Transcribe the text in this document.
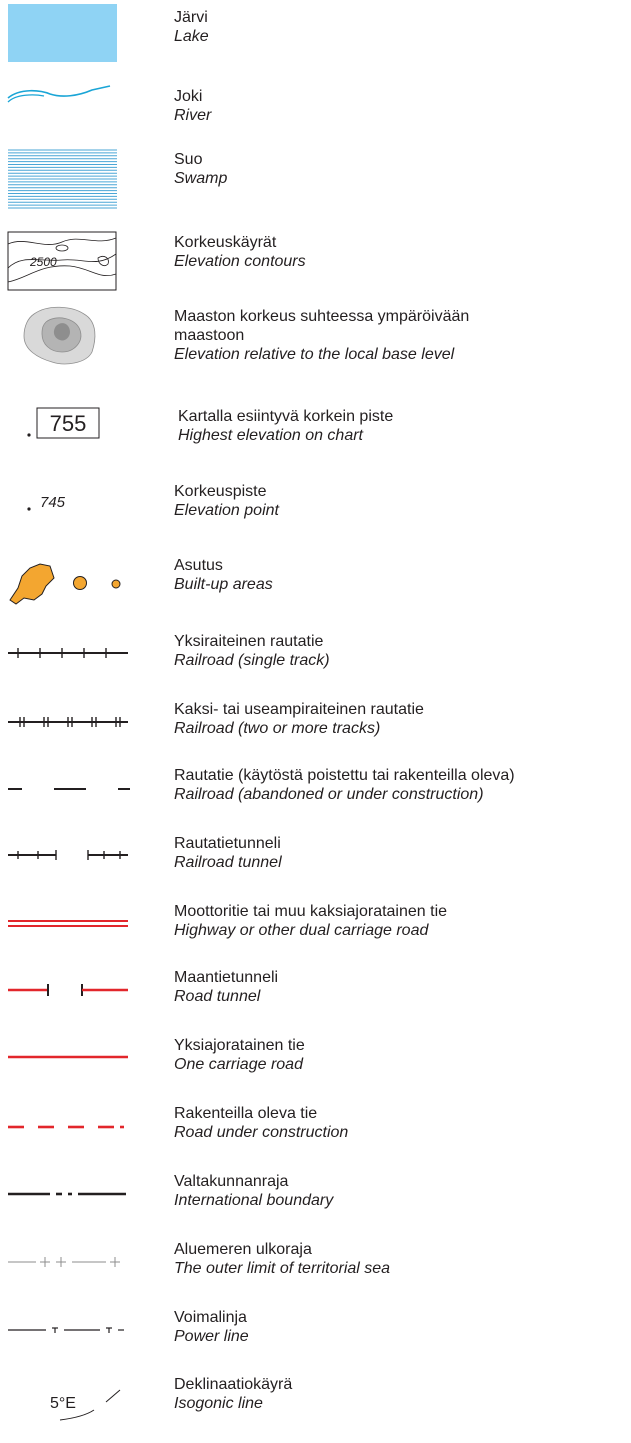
Järvi
Lake
Joki
River
Suo
Swamp
2500
Korkeuskäyrät
Elevation contours
Maaston korkeus suhteessa ympäröivään
maastoon
Elevation relative to the local base level
755	Kartalla esiintyvä korkein piste
Highest elevation on chart
745
Korkeuspiste
Elevation point
Asutus
Built-up areas
Yksiraiteinen rautatie
Railroad (single track)
Kaksi- tai useampiraiteinen rautatie
Railroad (two or more tracks)
Rautatie (käytöstä poistettu tai rakenteilla oleva)
Railroad (abandoned or under construction)
Rautatietunneli
Railroad tunnel
Moottoritie tai muu kaksiajoratainen tie
Highway or other dual carriage road
Maantietunneli
Road tunnel
Yksiajoratainen tie
One carriage road
Rakenteilla oleva tie
Road under construction
Valtakunnanraja
International boundary
Aluemeren ulkoraja
The outer limit of territorial sea
Voimalinja
Power line
5°E
Deklinaatiokäyrä
Isogonic line
